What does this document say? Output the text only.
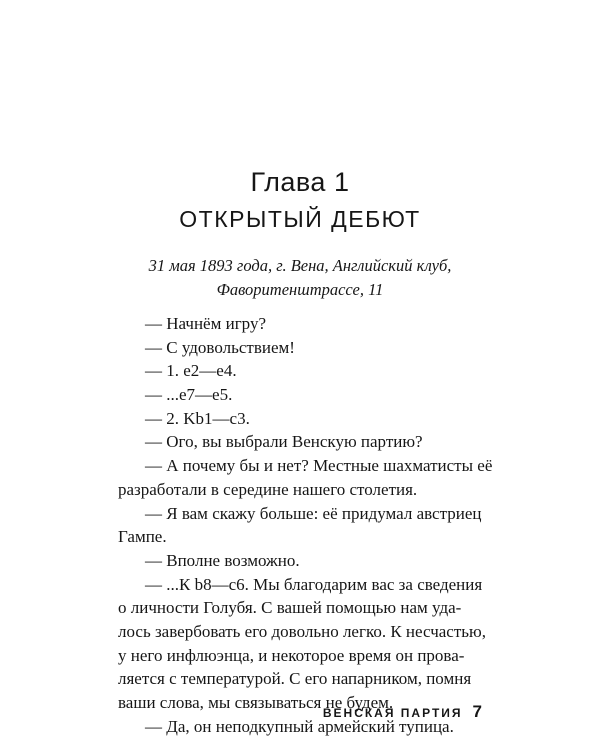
Глава 1
ОТКРЫТЫЙ ДЕБЮТ
31 мая 1893 года, г. Вена, Английский клуб,
Фаворитенштрассе, 11
— Начнём игру?
— С удовольствием!
— 1. e2—e4.
— ...e7—e5.
— 2. Kb1—c3.
— Ого, вы выбрали Венскую партию?
— А почему бы и нет? Местные шахматисты её
разработали в середине нашего столетия.
— Я вам скажу больше: её придумал австриец
Гампе.
— Вполне возможно.
— ...К b8—c6. Мы благодарим вас за сведения
о личности Голубя. С вашей помощью нам уда-
лось завербовать его довольно легко. К несчастью,
у него инфлюэнца, и некоторое время он прова-
ляется с температурой. С его напарником, помня
ваши слова, мы связываться не будем.
— Да, он неподкупный армейский тупица.
ВЕНСКАЯ ПАРТИЯ 7
